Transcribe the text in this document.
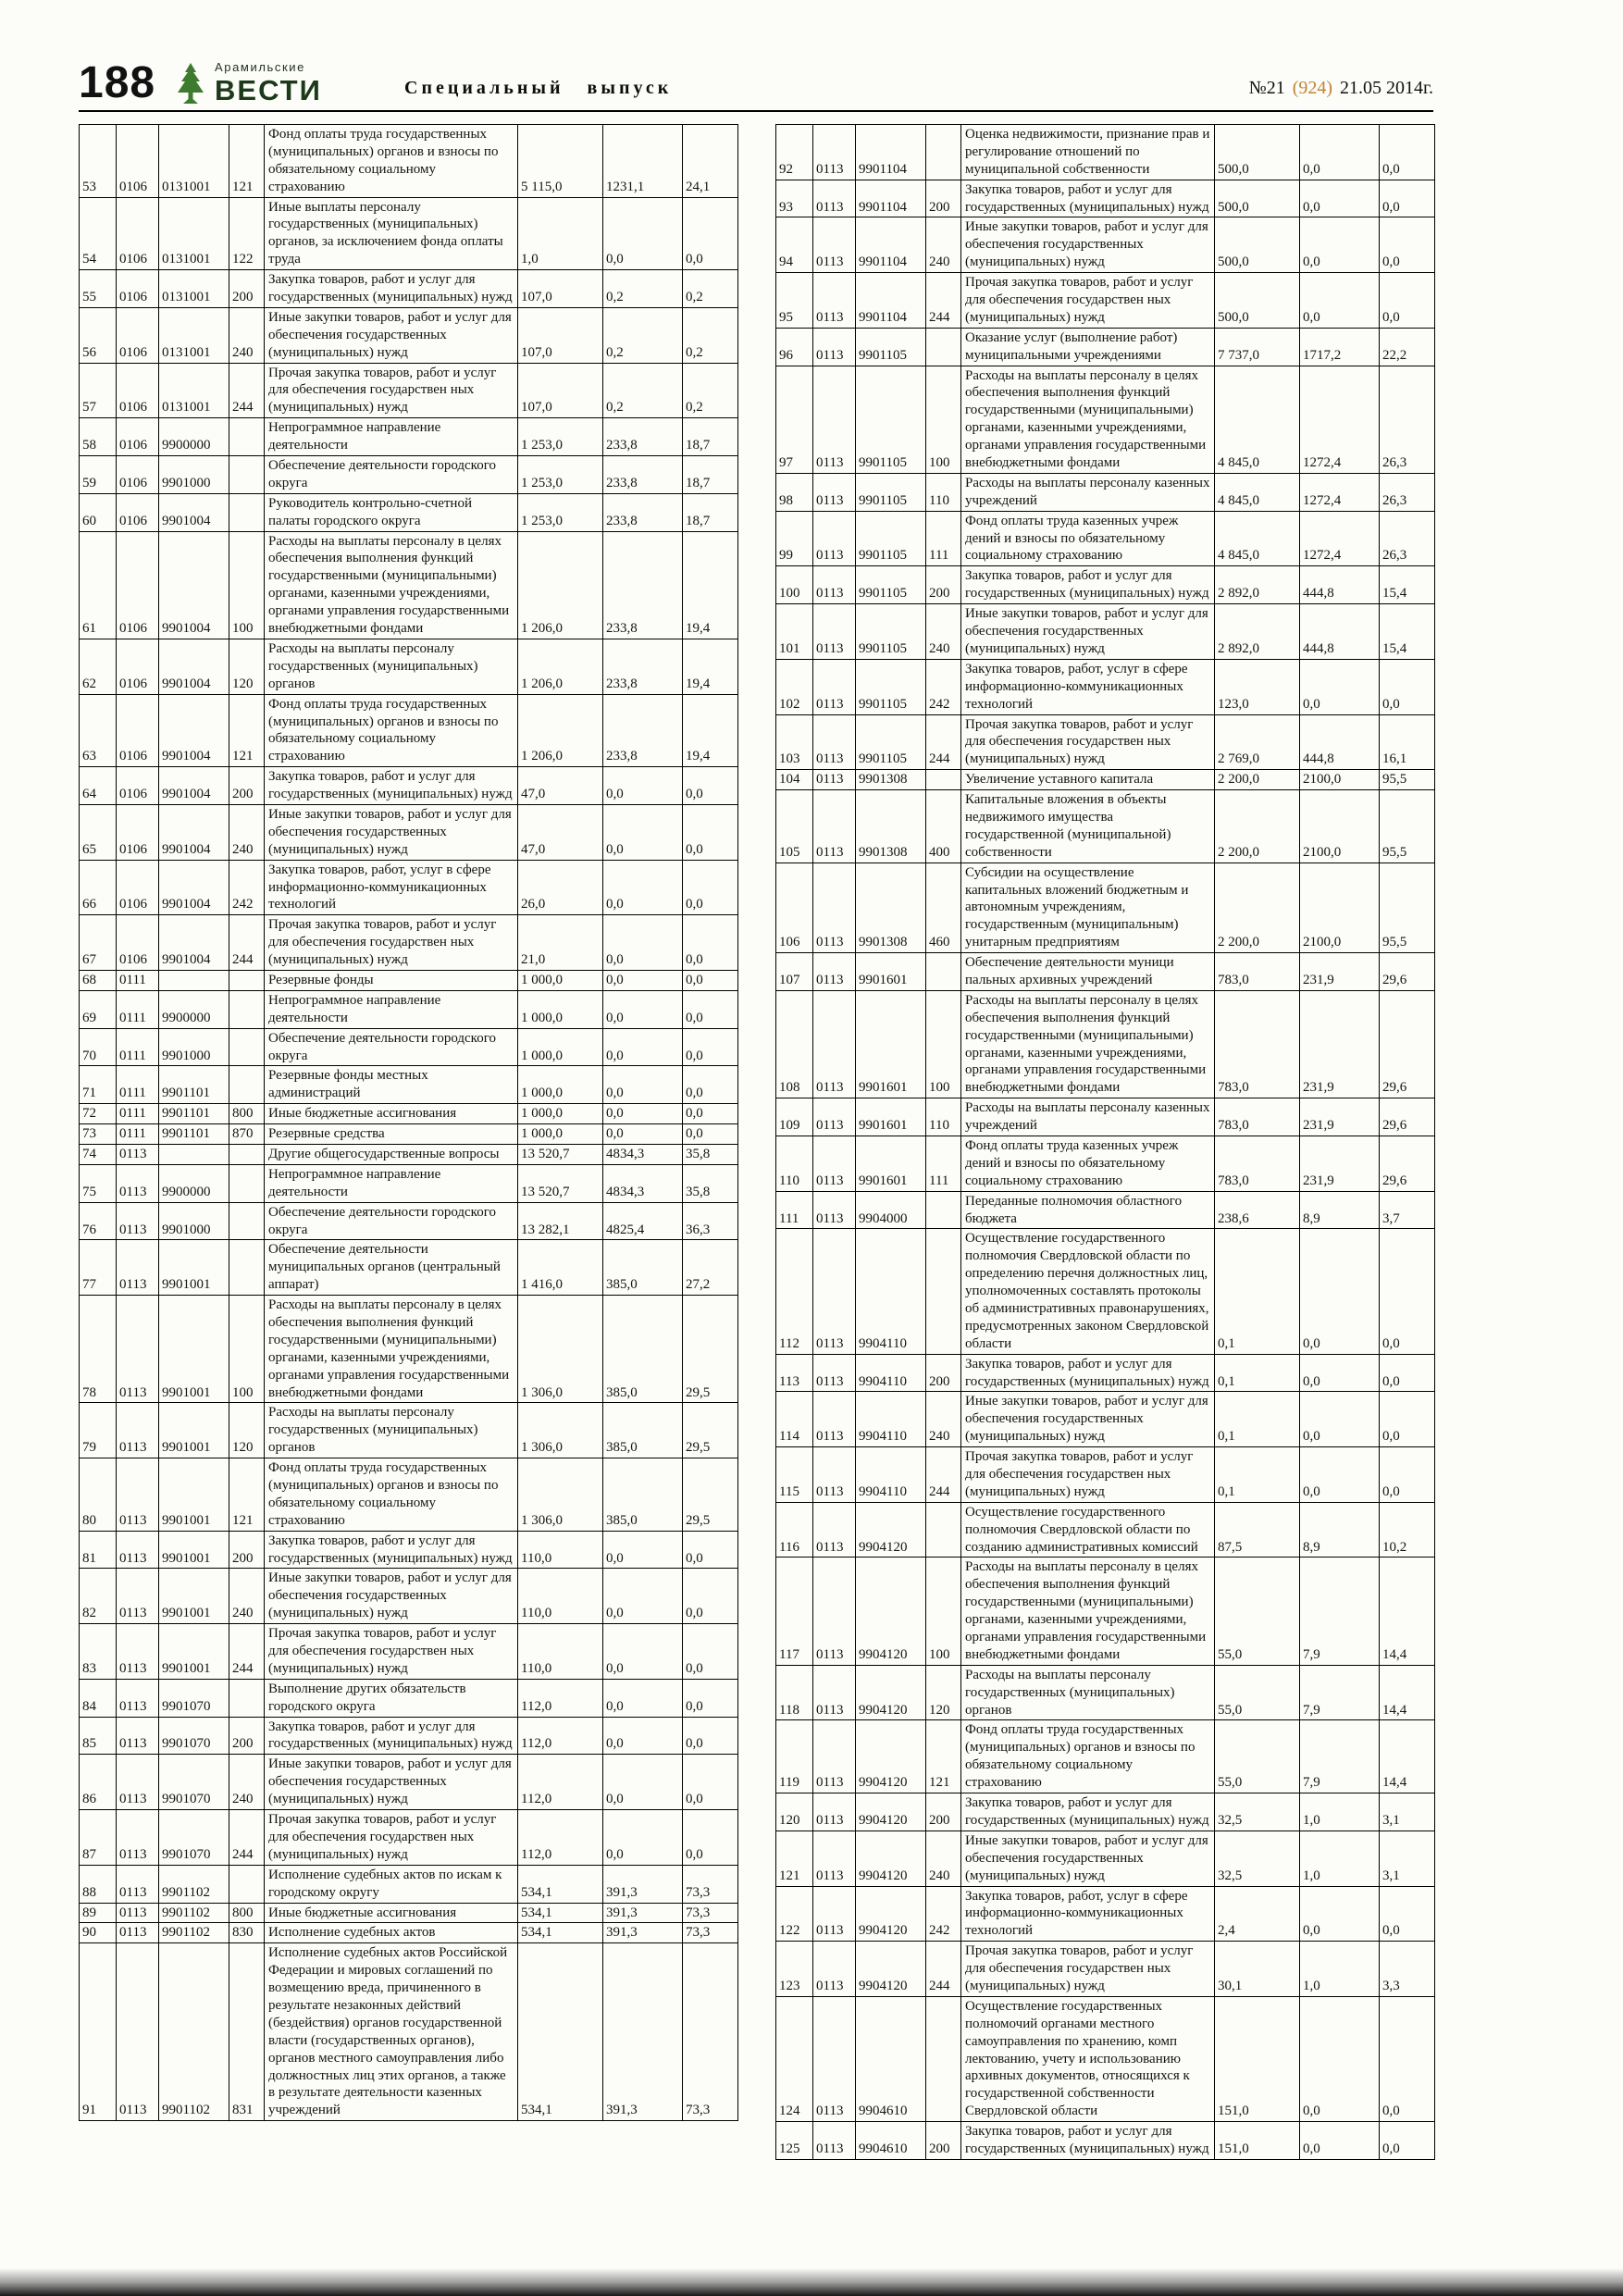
188	Арамильские
ВЕСТИ	Специальный выпуск	№21 (924) 21.05 2014г.
53	0106	0131001	121	Фонд оплаты труда государственных (муниципальных) органов и взносы по обязательному социальному страхованию	5 115,0	1231,1	24,1
54	0106	0131001	122	Иные выплаты персоналу государственных (муниципальных) органов, за исключением фонда оплаты труда	1,0	0,0	0,0
55	0106	0131001	200	Закупка товаров, работ и услуг для государственных (муниципальных) нужд	107,0	0,2	0,2
56	0106	0131001	240	Иные закупки товаров, работ и услуг для обеспечения государственных (муниципальных) нужд	107,0	0,2	0,2
57	0106	0131001	244	Прочая закупка товаров, работ и услуг для обеспечения государствен ных (муниципальных) нужд	107,0	0,2	0,2
58	0106	9900000		Непрограммное направление деятельности	1 253,0	233,8	18,7
59	0106	9901000		Обеспечение деятельности городского округа	1 253,0	233,8	18,7
60	0106	9901004		Руководитель контрольно-счетной палаты городского округа	1 253,0	233,8	18,7
61	0106	9901004	100	Расходы на выплаты персоналу в целях обеспечения выполнения функций государственными (муниципальными) органами, казенными учреждениями, органами управления государственными внебюджетными фондами	1 206,0	233,8	19,4
62	0106	9901004	120	Расходы на выплаты персоналу государственных (муниципальных) органов	1 206,0	233,8	19,4
63	0106	9901004	121	Фонд оплаты труда государственных (муниципальных) органов и взносы по обязательному социальному страхованию	1 206,0	233,8	19,4
64	0106	9901004	200	Закупка товаров, работ и услуг для государственных (муниципальных) нужд	47,0	0,0	0,0
65	0106	9901004	240	Иные закупки товаров, работ и услуг для обеспечения государственных (муниципальных) нужд	47,0	0,0	0,0
66	0106	9901004	242	Закупка товаров, работ, услуг в сфере информационно-коммуникационных технологий	26,0	0,0	0,0
67	0106	9901004	244	Прочая закупка товаров, работ и услуг для обеспечения государствен ных (муниципальных) нужд	21,0	0,0	0,0
68	0111			Резервные фонды	1 000,0	0,0	0,0
69	0111	9900000		Непрограммное направление деятельности	1 000,0	0,0	0,0
70	0111	9901000		Обеспечение деятельности городского округа	1 000,0	0,0	0,0
71	0111	9901101		Резервные фонды местных администраций	1 000,0	0,0	0,0
72	0111	9901101	800	Иные бюджетные ассигнования	1 000,0	0,0	0,0
73	0111	9901101	870	Резервные средства	1 000,0	0,0	0,0
74	0113			Другие общегосударственные вопросы	13 520,7	4834,3	35,8
75	0113	9900000		Непрограммное направление деятельности	13 520,7	4834,3	35,8
76	0113	9901000		Обеспечение деятельности городского округа	13 282,1	4825,4	36,3
77	0113	9901001		Обеспечение деятельности муниципальных органов (центральный аппарат)	1 416,0	385,0	27,2
78	0113	9901001	100	Расходы на выплаты персоналу в целях обеспечения выполнения функций государственными (муниципальными) органами, казенными учреждениями, органами управления государственными внебюджетными фондами	1 306,0	385,0	29,5
79	0113	9901001	120	Расходы на выплаты персоналу государственных (муниципальных) органов	1 306,0	385,0	29,5
80	0113	9901001	121	Фонд оплаты труда государственных (муниципальных) органов и взносы по обязательному социальному страхованию	1 306,0	385,0	29,5
81	0113	9901001	200	Закупка товаров, работ и услуг для государственных (муниципальных) нужд	110,0	0,0	0,0
82	0113	9901001	240	Иные закупки товаров, работ и услуг для обеспечения государственных (муниципальных) нужд	110,0	0,0	0,0
83	0113	9901001	244	Прочая закупка товаров, работ и услуг для обеспечения государствен ных (муниципальных) нужд	110,0	0,0	0,0
84	0113	9901070		Выполнение других обязательств городского округа	112,0	0,0	0,0
85	0113	9901070	200	Закупка товаров, работ и услуг для государственных (муниципальных) нужд	112,0	0,0	0,0
86	0113	9901070	240	Иные закупки товаров, работ и услуг для обеспечения государственных (муниципальных) нужд	112,0	0,0	0,0
87	0113	9901070	244	Прочая закупка товаров, работ и услуг для обеспечения государствен ных (муниципальных) нужд	112,0	0,0	0,0
88	0113	9901102		Исполнение судебных актов по искам к городскому округу	534,1	391,3	73,3
89	0113	9901102	800	Иные бюджетные ассигнования	534,1	391,3	73,3
90	0113	9901102	830	Исполнение судебных актов	534,1	391,3	73,3
91	0113	9901102	831	Исполнение судебных актов Российской Федерации и мировых соглашений по возмещению вреда, причиненного в результате незаконных действий (бездействия) органов государственной власти (государственных органов), органов местного самоуправления либо должностных лиц этих органов, а также в результате деятельности казенных учреждений	534,1	391,3	73,3
92	0113	9901104		Оценка недвижимости, признание прав и регулирование отношений по муниципальной собственности	500,0	0,0	0,0
93	0113	9901104	200	Закупка товаров, работ и услуг для государственных (муниципальных) нужд	500,0	0,0	0,0
94	0113	9901104	240	Иные закупки товаров, работ и услуг для обеспечения государственных (муниципальных) нужд	500,0	0,0	0,0
95	0113	9901104	244	Прочая закупка товаров, работ и услуг для обеспечения государствен ных (муниципальных) нужд	500,0	0,0	0,0
96	0113	9901105		Оказание услуг (выполнение работ) муниципальными учреждениями	7 737,0	1717,2	22,2
97	0113	9901105	100	Расходы на выплаты персоналу в целях обеспечения выполнения функций государственными (муниципальными) органами, казенными учреждениями, органами управления государственными внебюджетными фондами	4 845,0	1272,4	26,3
98	0113	9901105	110	Расходы на выплаты персоналу казенных учреждений	4 845,0	1272,4	26,3
99	0113	9901105	111	Фонд оплаты труда казенных учреж дений и взносы по обязательному социальному страхованию	4 845,0	1272,4	26,3
100	0113	9901105	200	Закупка товаров, работ и услуг для государственных (муниципальных) нужд	2 892,0	444,8	15,4
101	0113	9901105	240	Иные закупки товаров, работ и услуг для обеспечения государственных (муниципальных) нужд	2 892,0	444,8	15,4
102	0113	9901105	242	Закупка товаров, работ, услуг в сфере информационно-коммуникационных технологий	123,0	0,0	0,0
103	0113	9901105	244	Прочая закупка товаров, работ и услуг для обеспечения государствен ных (муниципальных) нужд	2 769,0	444,8	16,1
104	0113	9901308		Увеличение уставного капитала	2 200,0	2100,0	95,5
105	0113	9901308	400	Капитальные вложения в объекты недвижимого имущества государственной (муниципальной) собственности	2 200,0	2100,0	95,5
106	0113	9901308	460	Субсидии на осуществление капитальных вложений бюджетным и автономным учреждениям, государственным (муниципальным) унитарным предприятиям	2 200,0	2100,0	95,5
107	0113	9901601		Обеспечение деятельности муници пальных архивных учреждений	783,0	231,9	29,6
108	0113	9901601	100	Расходы на выплаты персоналу в целях обеспечения выполнения функций государственными (муниципальными) органами, казенными учреждениями, органами управления государственными внебюджетными фондами	783,0	231,9	29,6
109	0113	9901601	110	Расходы на выплаты персоналу казенных учреждений	783,0	231,9	29,6
110	0113	9901601	111	Фонд оплаты труда казенных учреж дений и взносы по обязательному социальному страхованию	783,0	231,9	29,6
111	0113	9904000		Переданные полномочия областного бюджета	238,6	8,9	3,7
112	0113	9904110		Осуществление государственного полномочия Свердловской области по определению перечня должностных лиц, уполномоченных составлять протоколы об административных правонарушениях, предусмотренных законом Свердловской области	0,1	0,0	0,0
113	0113	9904110	200	Закупка товаров, работ и услуг для государственных (муниципальных) нужд	0,1	0,0	0,0
114	0113	9904110	240	Иные закупки товаров, работ и услуг для обеспечения государственных (муниципальных) нужд	0,1	0,0	0,0
115	0113	9904110	244	Прочая закупка товаров, работ и услуг для обеспечения государствен ных (муниципальных) нужд	0,1	0,0	0,0
116	0113	9904120		Осуществление государственного полномочия Свердловской области по созданию административных комиссий	87,5	8,9	10,2
117	0113	9904120	100	Расходы на выплаты персоналу в целях обеспечения выполнения функций государственными (муниципальными) органами, казенными учреждениями, органами управления государственными внебюджетными фондами	55,0	7,9	14,4
118	0113	9904120	120	Расходы на выплаты персоналу государственных (муниципальных) органов	55,0	7,9	14,4
119	0113	9904120	121	Фонд оплаты труда государственных (муниципальных) органов и взносы по обязательному социальному страхованию	55,0	7,9	14,4
120	0113	9904120	200	Закупка товаров, работ и услуг для государственных (муниципальных) нужд	32,5	1,0	3,1
121	0113	9904120	240	Иные закупки товаров, работ и услуг для обеспечения государственных (муниципальных) нужд	32,5	1,0	3,1
122	0113	9904120	242	Закупка товаров, работ, услуг в сфере информационно-коммуникационных технологий	2,4	0,0	0,0
123	0113	9904120	244	Прочая закупка товаров, работ и услуг для обеспечения государствен ных (муниципальных) нужд	30,1	1,0	3,3
124	0113	9904610		Осуществление государственных полномочий органами местного самоуправления по хранению, комп лектованию, учету и использованию архивных документов, относящихся к государственной собственности Свердловской области	151,0	0,0	0,0
125	0113	9904610	200	Закупка товаров, работ и услуг для государственных (муниципальных) нужд	151,0	0,0	0,0
